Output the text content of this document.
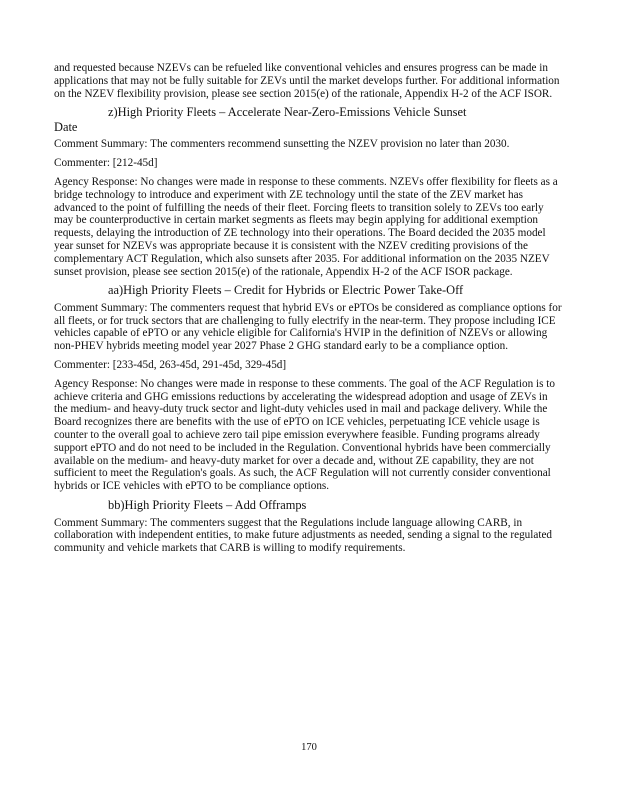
and requested because NZEVs can be refueled like conventional vehicles and ensures progress can be made in applications that may not be fully suitable for ZEVs until the market develops further. For additional information on the NZEV flexibility provision, please see section 2015(e) of the rationale, Appendix H-2 of the ACF ISOR.

z)High Priority Fleets – Accelerate Near-Zero-Emissions Vehicle Sunset
Date

Comment Summary: The commenters recommend sunsetting the NZEV provision no later than 2030.

Commenter: [212-45d]

Agency Response: No changes were made in response to these comments. NZEVs offer flexibility for fleets as a bridge technology to introduce and experiment with ZE technology until the state of the ZEV market has advanced to the point of fulfilling the needs of their fleet. Forcing fleets to transition solely to ZEVs too early may be counterproductive in certain market segments as fleets may begin applying for additional exemption requests, delaying the introduction of ZE technology into their operations. The Board decided the 2035 model year sunset for NZEVs was appropriate because it is consistent with the NZEV crediting provisions of the complementary ACT Regulation, which also sunsets after 2035. For additional information on the 2035 NZEV sunset provision, please see section 2015(e) of the rationale, Appendix H-2 of the ACF ISOR package.

aa)High Priority Fleets – Credit for Hybrids or Electric Power Take-Off

Comment Summary: The commenters request that hybrid EVs or ePTOs be considered as compliance options for all fleets, or for truck sectors that are challenging to fully electrify in the near-term. They propose including ICE vehicles capable of ePTO or any vehicle eligible for California's HVIP in the definition of NZEVs or allowing non-PHEV hybrids meeting model year 2027 Phase 2 GHG standard early to be a compliance option.

Commenter: [233-45d, 263-45d, 291-45d, 329-45d]

Agency Response: No changes were made in response to these comments. The goal of the ACF Regulation is to achieve criteria and GHG emissions reductions by accelerating the widespread adoption and usage of ZEVs in the medium- and heavy-duty truck sector and light-duty vehicles used in mail and package delivery. While the Board recognizes there are benefits with the use of ePTO on ICE vehicles, perpetuating ICE vehicle usage is counter to the overall goal to achieve zero tail pipe emission everywhere feasible. Funding programs already support ePTO and do not need to be included in the Regulation. Conventional hybrids have been commercially available on the medium- and heavy-duty market for over a decade and, without ZE capability, they are not sufficient to meet the Regulation's goals. As such, the ACF Regulation will not currently consider conventional hybrids or ICE vehicles with ePTO to be compliance options.

bb)High Priority Fleets – Add Offramps

Comment Summary: The commenters suggest that the Regulations include language allowing CARB, in collaboration with independent entities, to make future adjustments as needed, sending a signal to the regulated community and vehicle markets that CARB is willing to modify requirements.

170
